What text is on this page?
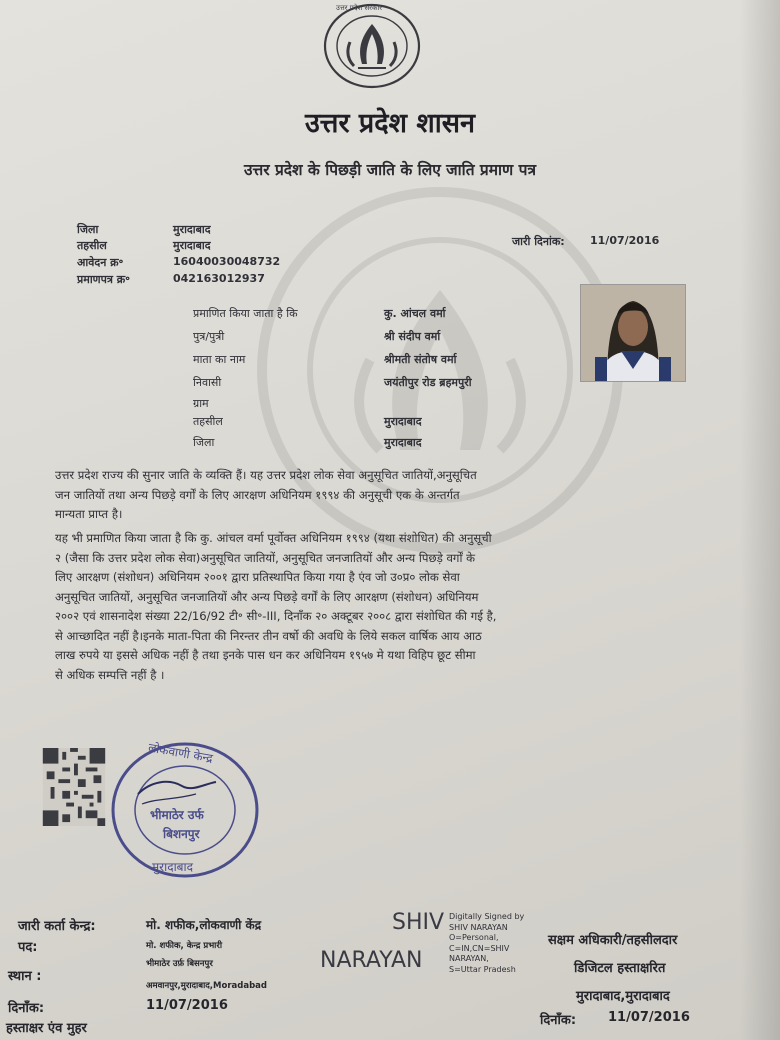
उत्तर प्रदेश सरकार
उत्तर प्रदेश शासन
उत्तर प्रदेश के पिछड़ी जाति के लिए जाति प्रमाण पत्र
जिला	मुरादाबाद
तहसील	मुरादाबाद
आवेदन क्र॰	16040030048732
प्रमाणपत्र क्र॰	042163012937
जारी दिनांक: 11/07/2016
प्रमाणित किया जाता है कि	कु. आंचल वर्मा
पुत्र/पुत्री	श्री संदीप वर्मा
माता का नाम	श्रीमती संतोष वर्मा
निवासी	जयंतीपुर रोड ब्रहमपुरी
ग्राम
तहसील	मुरादाबाद
जिला	मुरादाबाद

उत्तर प्रदेश राज्य की सुनार जाति के व्यक्ति हैं। यह उत्तर प्रदेश लोक सेवा अनुसूचित जातियों,अनुसूचित

जन जातियों तथा अन्य पिछड़े वर्गों के लिए आरक्षण अधिनियम १९९४ की अनुसूची एक के अन्तर्गत

मान्यता प्राप्त है।

यह भी प्रमाणित किया जाता है कि कु. आंचल वर्मा पूर्वोक्त अधिनियम १९९४ (यथा संशोधित) की अनुसूची

२ (जैसा कि उत्तर प्रदेश लोक सेवा)अनुसूचित जातियों, अनुसूचित जनजातियों और अन्य पिछड़े वर्गों के

लिए आरक्षण (संशोधन) अधिनियम २००१ द्वारा प्रतिस्थापित किया गया है एंव जो उ०प्र० लोक सेवा

अनुसूचित जातियों, अनुसूचित जनजातियों और अन्य पिछड़े वर्गों के लिए आरक्षण (संशोधन) अधिनियम

२००२ एवं शासनादेश संख्या 22/16/92 टी॰ सी॰-III, दिनाँक २० अक्टूबर २००८ द्वारा संशोधित की गई है,

से आच्छादित नहीं है।इनके माता-पिता की निरन्तर तीन वर्षो की अवधि के लिये सकल वार्षिक आय आठ

लाख रुपये या इससे अधिक नहीं है तथा इनके पास धन कर अधिनियम १९५७ मे यथा विहिप छूट सीमा

से अधिक सम्पत्ति नहीं है ।

लोकवाणी केन्द्र
भीमाठेर उर्फ
बिशनपुर
मुरादाबाद
जारी कर्ता केन्द्र:	मो. शफीक,लोकवाणी केंद्र
पद:	मो. शफीक, केन्द्र प्रभारी
भीमाठेर उर्फ़ बिसनपुर
स्थान :
अमवानपुर,मुरादाबाद,Moradabad
दिनाँक:	11/07/2016
हस्ताक्षर एंव मुहर
SHIV
NARAYAN
Digitally Signed by
SHIV NARAYAN
O=Personal,
C=IN,CN=SHIV
NARAYAN,
S=Uttar Pradesh
सक्षम अधिकारी/तहसीलदार
डिजिटल हस्ताक्षरित
मुरादाबाद,मुरादाबाद
दिनाँक: 11/07/2016
